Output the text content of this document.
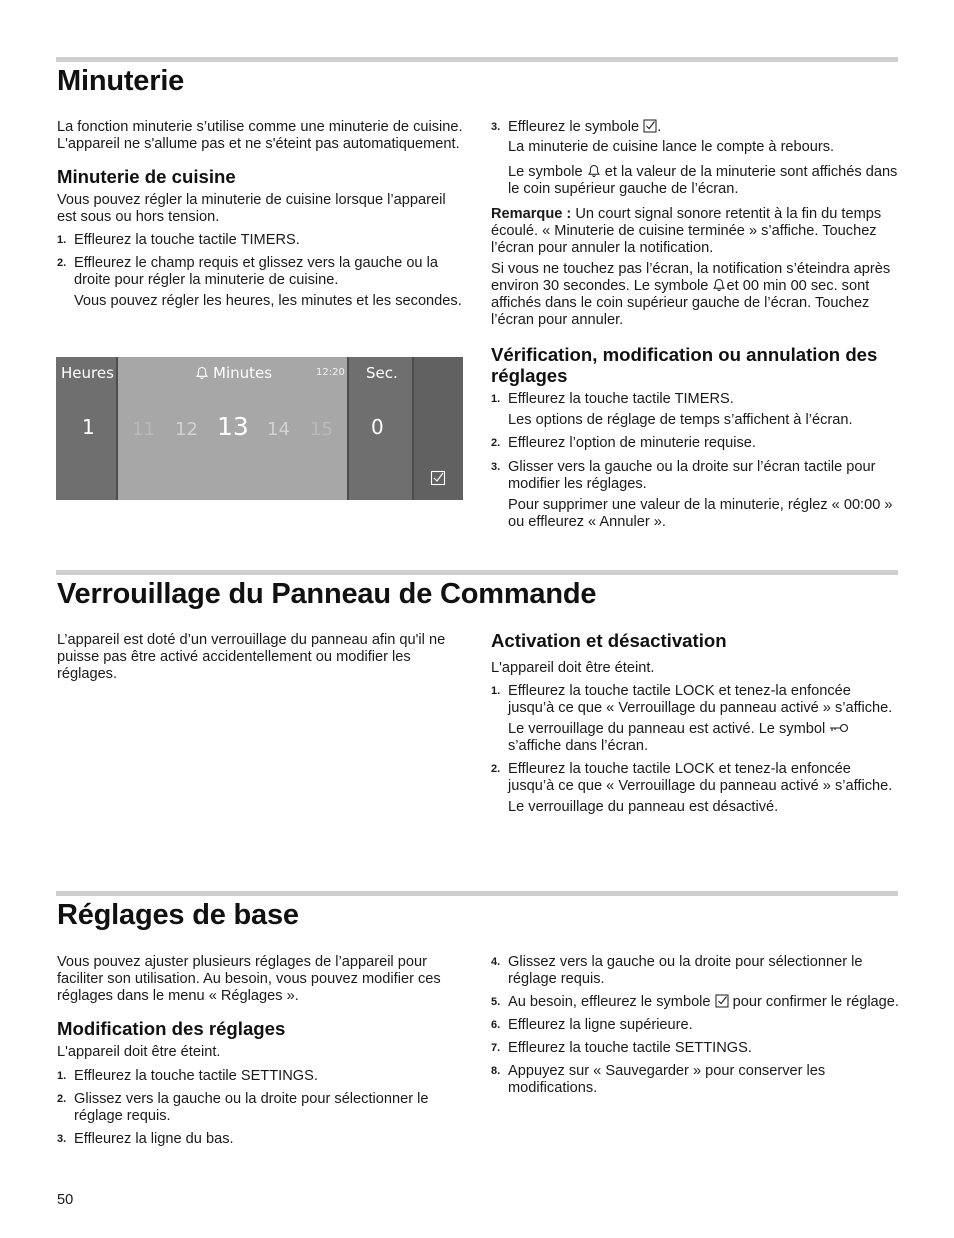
Minuterie

La fonction minuterie s’utilise comme une minuterie de cuisine. L'appareil ne s'allume pas et ne s'éteint pas automatiquement.

Minuterie de cuisine

Vous pouvez régler la minuterie de cuisine lorsque l’appareil est sous ou hors tension.

1. Effleurez la touche tactile TIMERS.

2. Effleurez le champ requis et glissez vers la gauche ou la droite pour régler la minuterie de cuisine.

Vous pouvez régler les heures, les minutes et les secondes.

Heures
1
Minutes	12:20
11 12 13 14 15
Sec.
0

3. Effleurez le symbole .

La minuterie de cuisine lance le compte à rebours.

Le symbole et la valeur de la minuterie sont affichés dans le coin supérieur gauche de l’écran.

Remarque : Un court signal sonore retentit à la fin du temps écoulé. « Minuterie de cuisine terminée » s’affiche. Touchez l’écran pour annuler la notification.

Si vous ne touchez pas l’écran, la notification s’éteindra après environ 30 secondes. Le symbole et 00 min 00 sec. sont affichés dans le coin supérieur gauche de l’écran. Touchez l’écran pour annuler.

Vérification, modification ou annulation des réglages

1. Effleurez la touche tactile TIMERS.

Les options de réglage de temps s’affichent à l’écran.

2. Effleurez l’option de minuterie requise.

3. Glisser vers la gauche ou la droite sur l’écran tactile pour modifier les réglages.

Pour supprimer une valeur de la minuterie, réglez « 00:00 » ou effleurez « Annuler ».

Verrouillage du Panneau de Commande

L’appareil est doté d’un verrouillage du panneau afin qu'il ne puisse pas être activé accidentellement ou modifier les réglages.

Activation et désactivation

L'appareil doit être éteint.

1. Effleurez la touche tactile LOCK et tenez-la enfoncée jusqu’à ce que « Verrouillage du panneau activé » s’affiche.

Le verrouillage du panneau est activé. Le symbol
s’affiche dans l’écran.

2. Effleurez la touche tactile LOCK et tenez-la enfoncée jusqu’à ce que « Verrouillage du panneau activé » s’affiche.

Le verrouillage du panneau est désactivé.

Réglages de base

Vous pouvez ajuster plusieurs réglages de l’appareil pour faciliter son utilisation. Au besoin, vous pouvez modifier ces réglages dans le menu « Réglages ».

Modification des réglages

L'appareil doit être éteint.

1. Effleurez la touche tactile SETTINGS.

2. Glissez vers la gauche ou la droite pour sélectionner le réglage requis.

3. Effleurez la ligne du bas.

4. Glissez vers la gauche ou la droite pour sélectionner le réglage requis.

5. Au besoin, effleurez le symbole pour confirmer le réglage.

6. Effleurez la ligne supérieure.

7. Effleurez la touche tactile SETTINGS.

8. Appuyez sur « Sauvegarder » pour conserver les modifications.

50
